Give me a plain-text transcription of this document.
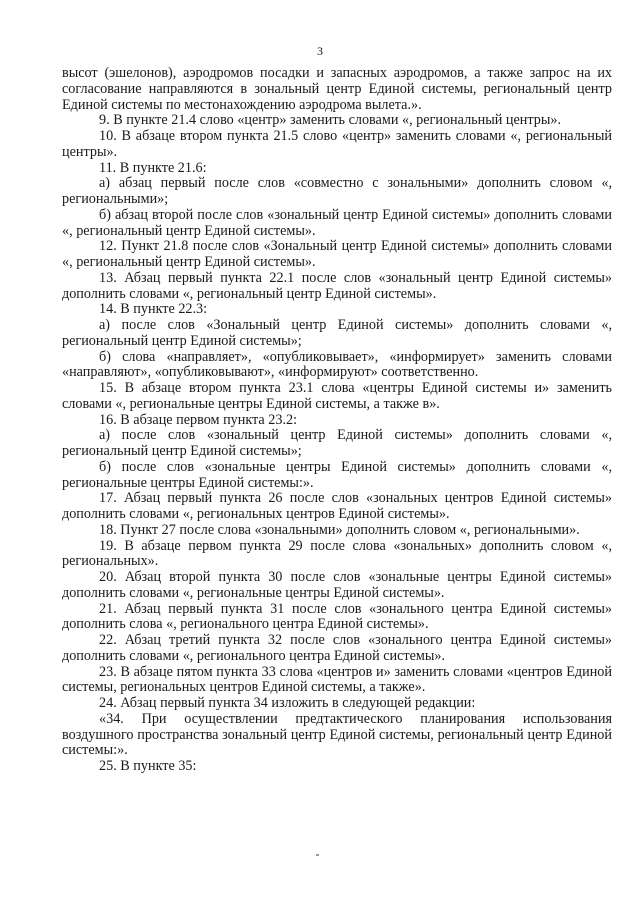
3

высот (эшелонов), аэродромов посадки и запасных аэродромов, а также запрос на их согласование направляются в зональный центр Единой системы, региональный центр Единой системы по местонахождению аэродрома вылета.».

9. В пункте 21.4 слово «центр» заменить словами «, региональный центры».

10. В абзаце втором пункта 21.5 слово «центр» заменить словами «, региональный центры».

11. В пункте 21.6:

а) абзац первый после слов «совместно с зональными» дополнить словом «, региональными»;

б) абзац второй после слов «зональный центр Единой системы» дополнить словами «, региональный центр Единой системы».

12. Пункт 21.8 после слов «Зональный центр Единой системы» дополнить словами «, региональный центр Единой системы».

13. Абзац первый пункта 22.1 после слов «зональный центр Единой системы» дополнить словами «, региональный центр Единой системы».

14. В пункте 22.3:

а) после слов «Зональный центр Единой системы» дополнить словами «, региональный центр Единой системы»;

б) слова «направляет», «опубликовывает», «информирует» заменить словами «направляют», «опубликовывают», «информируют» соответственно.

15. В абзаце втором пункта 23.1 слова «центры Единой системы и» заменить словами «, региональные центры Единой системы, а также в».

16. В абзаце первом пункта 23.2:

а) после слов «зональный центр Единой системы» дополнить словами «, региональный центр Единой системы»;

б) после слов «зональные центры Единой системы» дополнить словами «, региональные центры Единой системы:».

17. Абзац первый пункта 26 после слов «зональных центров Единой системы» дополнить словами «, региональных центров Единой системы».

18. Пункт 27 после слова «зональными» дополнить словом «, региональными».

19. В абзаце первом пункта 29 после слова «зональных» дополнить словом «, региональных».

20. Абзац второй пункта 30 после слов «зональные центры Единой системы» дополнить словами «, региональные центры Единой системы».

21. Абзац первый пункта 31 после слов «зонального центра Единой системы» дополнить слова «, регионального центра Единой системы».

22. Абзац третий пункта 32 после слов «зонального центра Единой системы» дополнить словами «, регионального центра Единой системы».

23. В абзаце пятом пункта 33 слова «центров и» заменить словами «центров Единой системы, региональных центров Единой системы, а также».

24. Абзац первый пункта 34 изложить в следующей редакции:

«34. При осуществлении предтактического планирования использования воздушного пространства зональный центр Единой системы, региональный центр Единой системы:».

25. В пункте 35:
